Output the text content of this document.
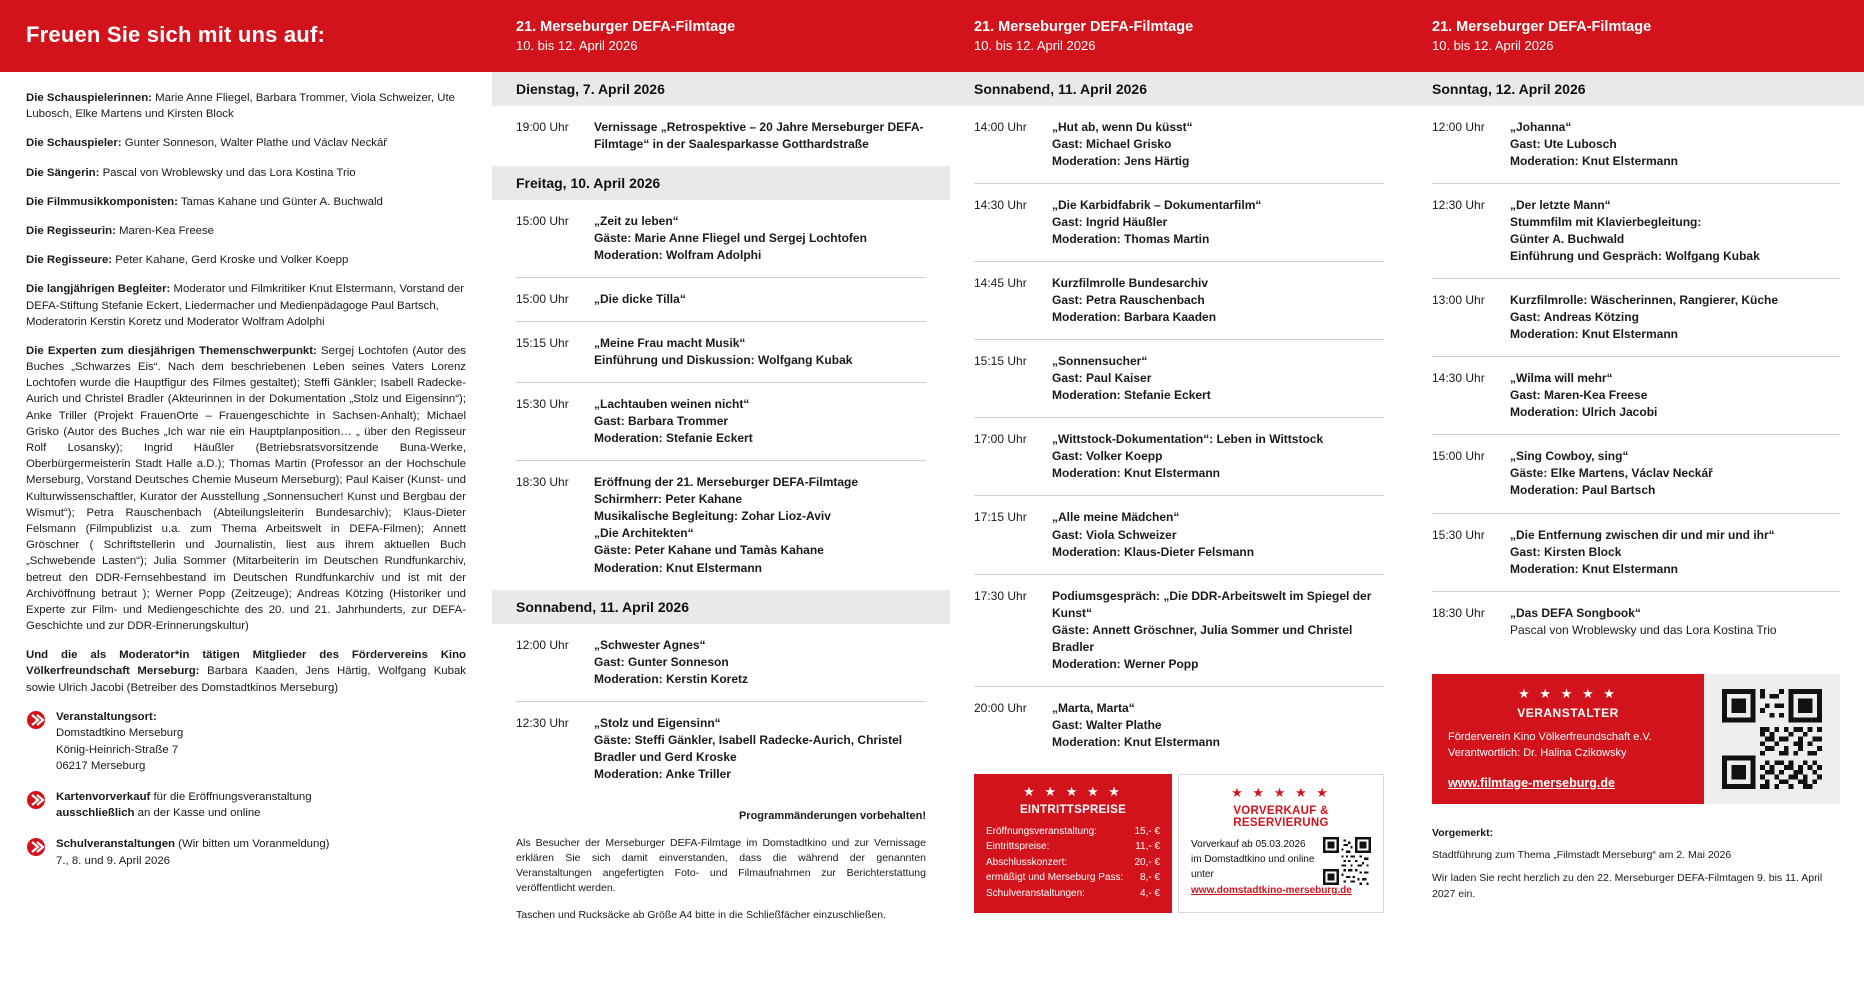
Freuen Sie sich mit uns auf:
Die Schauspielerinnen: Marie Anne Fliegel, Barbara Trommer, Viola Schweizer, Ute Lubosch, Elke Martens und Kirsten Block
Die Schauspieler: Gunter Sonneson, Walter Plathe und Václav Neckář
Die Sängerin: Pascal von Wroblewsky und das Lora Kostina Trio
Die Filmmusikkomponisten: Tamas Kahane und Günter A. Buchwald
Die Regisseurin: Maren-Kea Freese
Die Regisseure: Peter Kahane, Gerd Kroske und Volker Koepp
Die langjährigen Begleiter: Moderator und Filmkritiker Knut Elstermann, Vorstand der DEFA-Stiftung Stefanie Eckert, Liedermacher und Medienpädagoge Paul Bartsch, Moderatorin Kerstin Koretz und Moderator Wolfram Adolphi
Die Experten zum diesjährigen Themenschwerpunkt: Sergej Lochtofen (Autor des Buches „Schwarzes Eis“. Nach dem beschriebenen Leben seines Vaters Lorenz Lochtofen wurde die Hauptfigur des Filmes gestaltet); Steffi Gänkler; Isabell Radecke-Aurich und Christel Bradler (Akteurinnen in der Dokumentation „Stolz und Eigensinn“); Anke Triller (Projekt FrauenOrte – Frauengeschichte in Sachsen-Anhalt); Michael Grisko (Autor des Buches „Ich war nie ein Hauptplanposition… „ über den Regisseur Rolf Losansky); Ingrid Häußler (Betriebsratsvorsitzende Buna-Werke, Oberbürgermeisterin Stadt Halle a.D.); Thomas Martin (Professor an der Hochschule Merseburg, Vorstand Deutsches Chemie Museum Merseburg); Paul Kaiser (Kunst- und Kulturwissenschaftler, Kurator der Ausstellung „Sonnensucher! Kunst und Bergbau der Wismut“); Petra Rauschenbach (Abteilungsleiterin Bundesarchiv); Klaus-Dieter Felsmann (Filmpublizist u.a. zum Thema Arbeitswelt in DEFA-Filmen); Annett Gröschner ( Schriftstellerin und Journalistin, liest aus ihrem aktuellen Buch „Schwebende Lasten“); Julia Sommer (Mitarbeiterin im Deutschen Rundfunkarchiv, betreut den DDR-Fernsehbestand im Deutschen Rundfunkarchiv und ist mit der Archivöffnung betraut ); Werner Popp (Zeitzeuge); Andreas Kötzing (Historiker und Experte zur Film- und Mediengeschichte des 20. und 21. Jahrhunderts, zur DEFA-Geschichte und zur DDR-Erinnerungskultur)
Und die als Moderator*in tätigen Mitglieder des Fördervereins Kino Völkerfreundschaft Merseburg: Barbara Kaaden, Jens Härtig, Wolfgang Kubak sowie Ulrich Jacobi (Betreiber des Domstadtkinos Merseburg)
Veranstaltungsort:
Domstadtkino Merseburg
König-Heinrich-Straße 7
06217 Merseburg
Kartenvorverkauf für die Eröffnungsveranstaltung
ausschließlich an der Kasse und online
Schulveranstaltungen (Wir bitten um Voranmeldung)
7., 8. und 9. April 2026
21. Merseburger DEFA-Filmtage
10. bis 12. April 2026
Dienstag, 7. April 2026
19:00 Uhr	Vernissage „Retrospektive – 20 Jahre Merseburger DEFA-Filmtage“ in der Saalesparkasse Gotthardstraße
Freitag, 10. April 2026
15:00 Uhr	„Zeit zu leben“
Gäste: Marie Anne Fliegel und Sergej Lochtofen
Moderation: Wolfram Adolphi
15:00 Uhr	„Die dicke Tilla“
15:15 Uhr	„Meine Frau macht Musik“
Einführung und Diskussion: Wolfgang Kubak
15:30 Uhr	„Lachtauben weinen nicht“
Gast: Barbara Trommer
Moderation: Stefanie Eckert
18:30 Uhr	Eröffnung der 21. Merseburger DEFA-Filmtage
Schirmherr: Peter Kahane
Musikalische Begleitung: Zohar Lioz-Aviv
„Die Architekten“
Gäste: Peter Kahane und Tamàs Kahane
Moderation: Knut Elstermann
Sonnabend, 11. April 2026
12:00 Uhr	„Schwester Agnes“
Gast: Gunter Sonneson
Moderation: Kerstin Koretz
12:30 Uhr	„Stolz und Eigensinn“
Gäste: Steffi Gänkler, Isabell Radecke-Aurich, Christel Bradler und Gerd Kroske
Moderation: Anke Triller
Programmänderungen vorbehalten!

Als Besucher der Merseburger DEFA-Filmtage im Domstadtkino und zur Vernissage erklären Sie sich damit einverstanden, dass die während der genannten Veranstaltungen angefertigten Foto- und Filmaufnahmen zur Berichterstattung veröffentlicht werden.

Taschen und Rucksäcke ab Größe A4 bitte in die Schließfächer einzuschließen.

21. Merseburger DEFA-Filmtage
10. bis 12. April 2026
Sonnabend, 11. April 2026
14:00 Uhr	„Hut ab, wenn Du küsst“
Gast: Michael Grisko
Moderation: Jens Härtig
14:30 Uhr	„Die Karbidfabrik – Dokumentarfilm“
Gast: Ingrid Häußler
Moderation: Thomas Martin
14:45 Uhr	Kurzfilmrolle Bundesarchiv
Gast: Petra Rauschenbach
Moderation: Barbara Kaaden
15:15 Uhr	„Sonnensucher“
Gast: Paul Kaiser
Moderation: Stefanie Eckert
17:00 Uhr	„Wittstock-Dokumentation“: Leben in Wittstock
Gast: Volker Koepp
Moderation: Knut Elstermann
17:15 Uhr	„Alle meine Mädchen“
Gast: Viola Schweizer
Moderation: Klaus-Dieter Felsmann
17:30 Uhr	Podiumsgespräch: „Die DDR-Arbeitswelt im Spiegel der Kunst“
Gäste: Annett Gröschner, Julia Sommer und Christel Bradler
Moderation: Werner Popp
20:00 Uhr	„Marta, Marta“
Gast: Walter Plathe
Moderation: Knut Elstermann
★ ★ ★ ★ ★
EINTRITTSPREISE
Eröffnungsveranstaltung:	15,- €
Eintrittspreise:	11,- €
Abschlusskonzert:	20,- €
ermäßigt und Merseburg Pass: 8,- €
Schulveranstaltungen:	4,- €
★ ★ ★ ★ ★
VORVERKAUF & RESERVIERUNG
Vorverkauf ab 05.03.2026 im Domstadtkino und online unter
www.domstadtkino-merseburg.de
21. Merseburger DEFA-Filmtage
10. bis 12. April 2026
Sonntag, 12. April 2026
12:00 Uhr	„Johanna“
Gast: Ute Lubosch
Moderation: Knut Elstermann
12:30 Uhr	„Der letzte Mann“
Stummfilm mit Klavierbegleitung:
Günter A. Buchwald
Einführung und Gespräch: Wolfgang Kubak
13:00 Uhr	Kurzfilmrolle: Wäscherinnen, Rangierer, Küche
Gast: Andreas Kötzing
Moderation: Knut Elstermann
14:30 Uhr	„Wilma will mehr“
Gast: Maren-Kea Freese
Moderation: Ulrich Jacobi
15:00 Uhr	„Sing Cowboy, sing“
Gäste: Elke Martens, Václav Neckář
Moderation: Paul Bartsch
15:30 Uhr	„Die Entfernung zwischen dir und mir und ihr“
Gast: Kirsten Block
Moderation: Knut Elstermann
18:30 Uhr	„Das DEFA Songbook“
Pascal von Wroblewsky und das Lora Kostina Trio
★ ★ ★ ★ ★
VERANSTALTER
Förderverein Kino Völkerfreundschaft e.V.
Verantwortlich: Dr. Halina Czikowsky
www.filmtage-merseburg.de

Vorgemerkt:

Stadtführung zum Thema „Filmstadt Merseburg“ am 2. Mai 2026

Wir laden Sie recht herzlich zu den 22. Merseburger DEFA-Filmtagen 9. bis 11. April 2027 ein.
